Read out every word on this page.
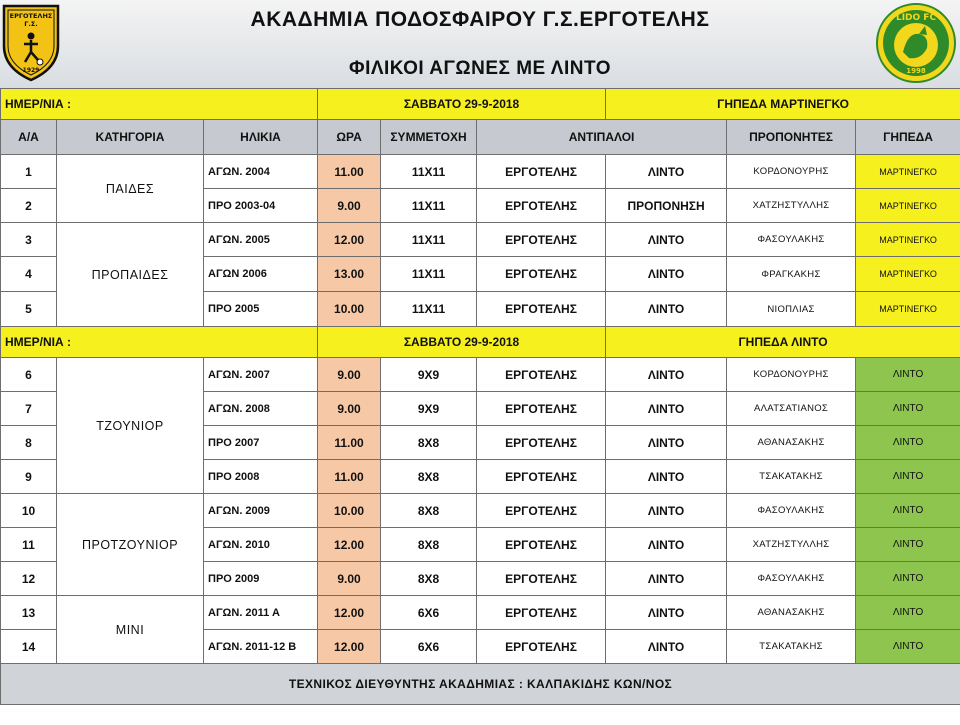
ΕΡΓΟΤΕΛΗΣ
Γ.Σ.
1929
ΑΚΑΔΗΜΙΑ ΠΟΔΟΣΦΑΙΡΟΥ Γ.Σ.ΕΡΓΟΤΕΛΗΣ
ΦΙΛΙΚΟΙ ΑΓΩΝΕΣ ΜΕ ΛΙΝΤΟ
LIDO FC
1998
ΗΜΕΡ/ΝΙΑ :			ΣΑΒΒΑΤΟ 29-9-2018			ΓΗΠΕΔΑ ΜΑΡΤΙΝΕΓΚΟ		
Α/Α	ΚΑΤΗΓΟΡΙΑ	ΗΛΙΚΙΑ	ΩΡΑ	ΣΥΜΜΕΤΟΧΗ	ΑΝΤΙΠΑΛΟΙ		ΠΡΟΠΟΝΗΤΕΣ	ΓΗΠΕΔΑ
1	ΠΑΙΔΕΣ	ΑΓΩΝ. 2004	11.00	11X11	ΕΡΓΟΤΕΛΗΣ	ΛΙΝΤΟ	ΚΟΡΔΟΝΟΥΡΗΣ	ΜΑΡΤΙΝΕΓΚΟ
2		ΠΡΟ 2003-04	9.00	11X11	ΕΡΓΟΤΕΛΗΣ	ΠΡΟΠΟΝΗΣΗ	ΧΑΤΖΗΣΤΥΛΛΗΣ	ΜΑΡΤΙΝΕΓΚΟ
3	ΠΡΟΠΑΙΔΕΣ	ΑΓΩΝ. 2005	12.00	11X11	ΕΡΓΟΤΕΛΗΣ	ΛΙΝΤΟ	ΦΑΣΟΥΛΑΚΗΣ	ΜΑΡΤΙΝΕΓΚΟ
4		ΑΓΩΝ 2006	13.00	11X11	ΕΡΓΟΤΕΛΗΣ	ΛΙΝΤΟ	ΦΡΑΓΚΑΚΗΣ	ΜΑΡΤΙΝΕΓΚΟ
5		ΠΡΟ 2005	10.00	11X11	ΕΡΓΟΤΕΛΗΣ	ΛΙΝΤΟ	ΝΙΟΠΛΙΑΣ	ΜΑΡΤΙΝΕΓΚΟ
ΗΜΕΡ/ΝΙΑ :			ΣΑΒΒΑΤΟ 29-9-2018			ΓΗΠΕΔΑ ΛΙΝΤΟ		
6	ΤΖΟΥΝΙΟΡ	ΑΓΩΝ. 2007	9.00	9X9	ΕΡΓΟΤΕΛΗΣ	ΛΙΝΤΟ	ΚΟΡΔΟΝΟΥΡΗΣ	ΛΙΝΤΟ
7		ΑΓΩΝ. 2008	9.00	9X9	ΕΡΓΟΤΕΛΗΣ	ΛΙΝΤΟ	ΑΛΑΤΣΑΤΙΑΝΟΣ	ΛΙΝΤΟ
8		ΠΡΟ 2007	11.00	8X8	ΕΡΓΟΤΕΛΗΣ	ΛΙΝΤΟ	ΑΘΑΝΑΣΑΚΗΣ	ΛΙΝΤΟ
9		ΠΡΟ 2008	11.00	8X8	ΕΡΓΟΤΕΛΗΣ	ΛΙΝΤΟ	ΤΣΑΚΑΤΑΚΗΣ	ΛΙΝΤΟ
10	ΠΡΟΤΖΟΥΝΙΟΡ	ΑΓΩΝ. 2009	10.00	8X8	ΕΡΓΟΤΕΛΗΣ	ΛΙΝΤΟ	ΦΑΣΟΥΛΑΚΗΣ	ΛΙΝΤΟ
11		ΑΓΩΝ. 2010	12.00	8X8	ΕΡΓΟΤΕΛΗΣ	ΛΙΝΤΟ	ΧΑΤΖΗΣΤΥΛΛΗΣ	ΛΙΝΤΟ
12		ΠΡΟ 2009	9.00	8X8	ΕΡΓΟΤΕΛΗΣ	ΛΙΝΤΟ	ΦΑΣΟΥΛΑΚΗΣ	ΛΙΝΤΟ
13	ΜΙΝΙ	ΑΓΩΝ. 2011 Α	12.00	6X6	ΕΡΓΟΤΕΛΗΣ	ΛΙΝΤΟ	ΑΘΑΝΑΣΑΚΗΣ	ΛΙΝΤΟ
14		ΑΓΩΝ. 2011-12 Β	12.00	6X6	ΕΡΓΟΤΕΛΗΣ	ΛΙΝΤΟ	ΤΣΑΚΑΤΑΚΗΣ	ΛΙΝΤΟ
ΤΕΧΝΙΚΟΣ ΔΙΕΥΘΥΝΤΗΣ ΑΚΑΔΗΜΙΑΣ : ΚΑΛΠΑΚΙΔΗΣ ΚΩΝ/ΝΟΣ								
